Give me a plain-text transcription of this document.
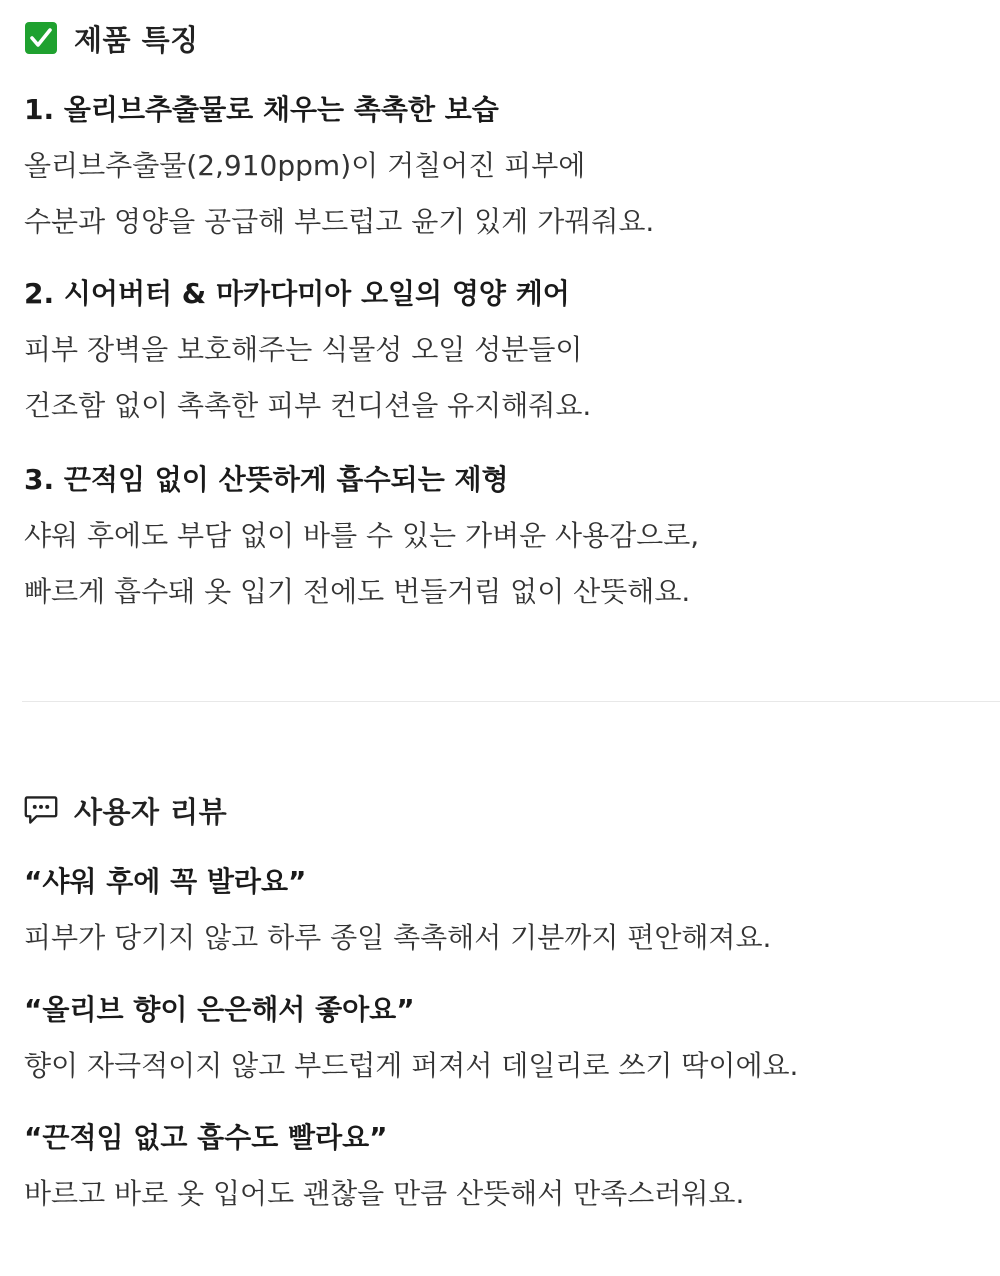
제품 특징
1. 올리브추출물로 채우는 촉촉한 보습
올리브추출물(2,910ppm)이 거칠어진 피부에
수분과 영양을 공급해 부드럽고 윤기 있게 가꿔줘요.
2. 시어버터 & 마카다미아 오일의 영양 케어
피부 장벽을 보호해주는 식물성 오일 성분들이
건조함 없이 촉촉한 피부 컨디션을 유지해줘요.
3. 끈적임 없이 산뜻하게 흡수되는 제형
샤워 후에도 부담 없이 바를 수 있는 가벼운 사용감으로,
빠르게 흡수돼 옷 입기 전에도 번들거림 없이 산뜻해요.
사용자 리뷰
“샤워 후에 꼭 발라요”
피부가 당기지 않고 하루 종일 촉촉해서 기분까지 편안해져요.
“올리브 향이 은은해서 좋아요”
향이 자극적이지 않고 부드럽게 퍼져서 데일리로 쓰기 딱이에요.
“끈적임 없고 흡수도 빨라요”
바르고 바로 옷 입어도 괜찮을 만큼 산뜻해서 만족스러워요.
